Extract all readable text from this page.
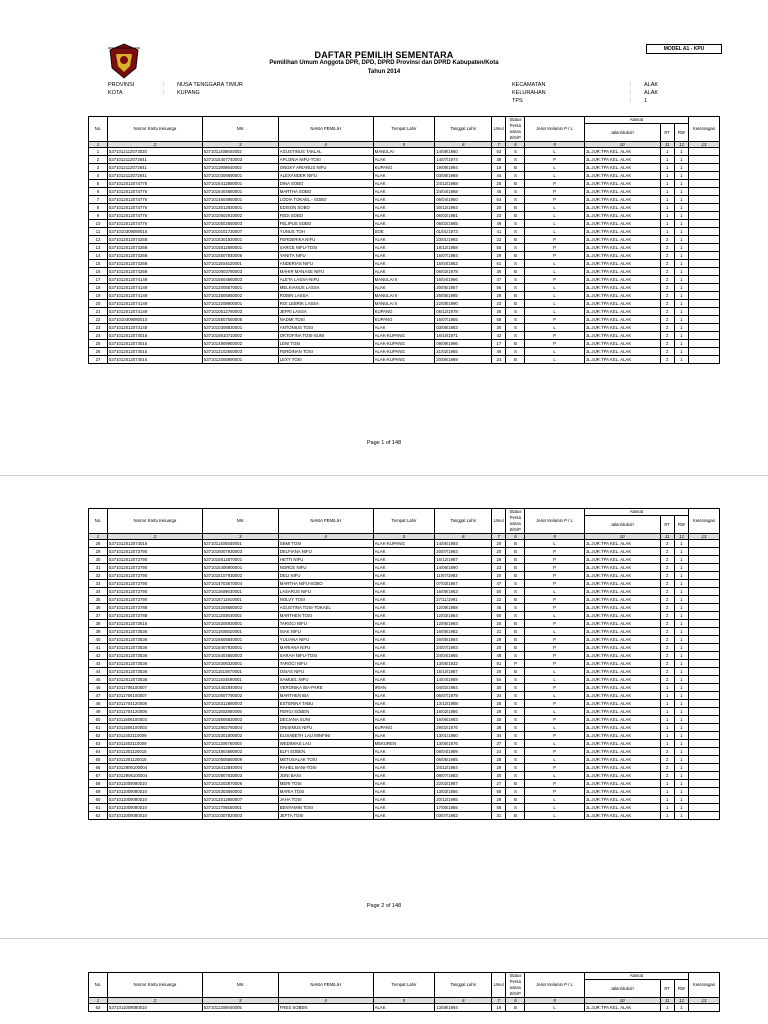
DAFTAR PEMILIH SEMENTARA
Pemilihan Umum Anggota DPR, DPD, DPRD Provinsi dan DPRD Kabupaten/Kota
Tahun 2014
MODEL A1 - KPU
PROVINSI	: NUSA TENGGARA TIMUR
KOTA	: KUPANG
KECAMATAN	: ALAK
KELURAHAN	: ALAK
TPS	: 1
No.	Nomor Kartu Keluarga	NIK	NAMA PEMILIH	Tempat Lahir	Tanggal Lahir	Umur	Status Perka winan B/S/P	Jenis Kelamin P / L	Alamat			Keterangan
									Jalan/dukuh	RT	RW	
1	2	3	4	5	6	7	8	9	10	11	12	13
1	5371012112073020	5371011408600002	AGUSTINUS TAKLAL	MANULAI	14/08/1960	53	S	L	JL.JUR.TPA KEL. ALAK	1	1	
2	5371012112072641	5371015407740003	APLONIA NIFU-TOSI	ALAK	14/07/1974	39	S	P	JL.JUR.TPA KEL. ALAK	1	1	
3	5371012112072641	5371011909940002	ONGKY ARIANUS NIFU	KUPANG	19/09/1994	19	B	L	JL.JUR.TPA KEL. ALAK	1	1	
4	5371012112072641	5371010308690001	ALEXANDER NIFU	ALAK	03/08/1969	44	S	L	JL.JUR.TPA KEL. ALAK	1	1	
5	5371012012074776	5371016412880001	DINA SOBO	ALAK	24/12/1988	25	B	P	JL.JUR.TPA KEL. ALAK	1	1	
6	5371012012074776	5371016404680001	MARTHA SOBO	ALAK	24/04/1968	45	S	P	JL.JUR.TPA KEL. ALAK	1	1	
7	5371012012074776	5371014604950001	LODIA TOKAEL - SOBO	ALAK	06/04/1950	64	S	P	JL.JUR.TPA KEL. ALAK	1	1	
8	5371012012074776	5371013012930001	EDISON SOBO	ALAK	30/12/1993	20	B	L	JL.JUR.TPA KEL. ALAK	1	1	
9	5371012012074776	5371010602910002	FEDI SOBO	ALAK	06/02/1991	23	B	L	JL.JUR.TPA KEL. ALAK	1	1	
10	5371012012074776	5371010502650003	FELIPUS SOBO	ALAK	05/02/1965	49	S	L	JL.JUR.TPA KEL. ALAK	1	1	
11	5371010309080015	5371010101730007	YUNUS TOH	SOE	01/01/1973	41	S	L	JL.JUR.TPA KEL. ALAK	1	1	
12	5371012012074258	5371016301920001	FERDERIKA NIFU	ALAK	23/01/1992	22	B	P	JL.JUR.TPA KEL. ALAK	2	1	
13	5371012012074258	5371015812580001	SARCE NIFU-TOSI	ALAK	18/12/1958	55	S	P	JL.JUR.TPA KEL. ALAK	2	1	
14	5371012012074258	5371015507840006	YANITA NIFU	ALAK	15/07/1984	29	B	P	JL.JUR.TPA KEL. ALAK	2	1	
15	5371012012074258	5371011504520001	ANDERIAS NIFU	ALAK	15/04/1952	61	S	L	JL.JUR.TPA KEL. ALAK	2	1	
16	5371012012074258	5371010603780003	MAHIR MANASE NIFU	ALAK	06/03/1978	36	B	L	JL.JUR.TPA KEL. ALAK	2	1	
17	5371012012074149	5371015604660003	ALETA LASSA-NIFU	MANULAI II	16/04/1966	47	S	P	JL.JUR.TPA KEL. ALAK	2	1	
18	5371012012074149	5371012005570001	MELKIANUS LASSA	ALAK	20/05/1957	56	S	L	JL.JUR.TPA KEL. ALAK	2	1	
19	5371012012074149	5371012505850002	ROBIN LASSA	MANULAI II	25/05/1985	28	B	L	JL.JUR.TPA KEL. ALAK	2	1	
20	5371012012074149	5371012208900001	ROI LEBRIK LASSA	MANULAI II	22/08/1990	23	B	L	JL.JUR.TPA KEL. ALAK	2	1	
21	5371012012074149	5371010512780003	JEFRI LASSA	KUPANG	05/12/1978	35	S	L	JL.JUR.TPA KEL. ALAK	2	1	
22	5371010409080010	5371015507550005	NADMI TOSI	KUPANG	15/07/1955	58	S	P	JL.JUR.TPA KEL. ALAK	2	1	
23	5371012012074148	5371010308830001	ANTONIUS TOSI	ALAK	03/08/1983	30	S	L	JL.JUR.TPA KEL. ALAK	2	1	
24	5371012012074016	5371015610710002	OKTOFINA TOSI-SUNI	ALAK-KUPANG	16/10/1971	42	S	P	JL.JUR.TPA KEL. ALAK	2	1	
25	5371012012074016	5371014909960002	LENI TOSI	ALAK-KUPANG	09/09/1996	17	B	P	JL.JUR.TPA KEL. ALAK	2	1	
26	5371012012074016	5371012102650003	FERDINAN TOSI	ALAK-KUPANG	21/02/1965	49	S	L	JL.JUR.TPA KEL. ALAK	2	1	
27	5371012012074016	5371012006890001	LEXY TOSI	ALAK-KUPANG	20/06/1989	24	B	L	JL.JUR.TPA KEL. ALAK	2	1	
Page 1 of 148
No.	Nomor Kartu Keluarga	NIK	NAMA PEMILIH	Tempat Lahir	Tanggal Lahir	Umur	Status Perka winan B/S/P	Jenis Kelamin P / L	Alamat			Keterangan
									Jalan/dukuh	RT	RW	
1	2	3	4	5	6	7	8	9	10	11	12	13
28	5371012012074016	5371011405930001	SEMI TOSI	ALAK-KUPANG	14/05/1993	20	B	L	JL.JUR.TPA KEL. ALAK	2	1	
29	5371012012073790	5371016007930003	DELFIANA NIFU	ALAK	20/07/1993	20	B	P	JL.JUR.TPA KEL. ALAK	2	1	
30	5371012012073790	5371015612870001	HETTI NIFU	ALAK	16/12/1987	26	B	P	JL.JUR.TPA KEL. ALAK	2	1	
31	5371012012073790	5371015406900001	NORCE NIFU	ALAK	14/06/1990	23	B	P	JL.JUR.TPA KEL. ALAK	2	1	
32	5371012012073790	5371015107930002	DELI NIFU	ALAK	11/07/1993	20	B	P	JL.JUR.TPA KEL. ALAK	2	1	
33	5371012012073790	5371014703670004	MARTHA NIFU-SOBO	ALAK	07/03/1967	47	S	P	JL.JUR.TPA KEL. ALAK	2	1	
34	5371012012073790	5371011609630001	LASARUS NIFU	ALAK	16/09/1963	50	S	L	JL.JUR.TPA KEL. ALAK	2	1	
35	5371012012073790	5371016711910001	NOLVY TOSI	ALAK	27/11/1991	22	B	P	JL.JUR.TPA KEL. ALAK	2	1	
36	5371012012073788	5371015208680002	AGUSTINA TOSI-TOKAEL	ALAK	12/08/1968	45	S	P	JL.JUR.TPA KEL. ALAK	2	1	
37	5371012012073788	5371011203640002	MARTHEN TOSI	ALAK	12/03/1964	50	S	L	JL.JUR.TPA KEL. ALAK	2	1	
38	5371012012073615	5371015205930001	TAROCI NIFU	ALAK	12/05/1993	20	B	P	JL.JUR.TPA KEL. ALAK	2	1	
39	5371012012073536	5371011605820001	ISAK NIFU	ALAK	16/05/1982	31	B	L	JL.JUR.TPA KEL. ALAK	2	1	
40	5371012012073536	5371016605840001	YULIANA NIFU	ALAK	26/05/1984	29	B	P	JL.JUR.TPA KEL. ALAK	2	1	
41	5371012012073536	5371016407930001	MARIANA NIFU	ALAK	24/07/1993	20	B	P	JL.JUR.TPA KEL. ALAK	2	1	
42	5371012012073536	5371016404650003	SARAH NIFU-TOSI	ALAK	24/04/1965	48	S	P	JL.JUR.TPA KEL. ALAK	2	1	
43	5371012012073536	5371015306320001	TAROCI NIFU	ALAK	13/06/1932	81	P	P	JL.JUR.TPA KEL. ALAK	2	1	
44	5371012012073536	5371011510870001	OSIAS NIFU	ALAK	15/10/1987	26	B	L	JL.JUR.TPA KEL. ALAK	2	1	
45	5371012012073536	5371011404590001	SAMUEL NIFU	ALAK	14/04/1959	54	S	L	JL.JUR.TPA KEL. ALAK	2	1	
46	5371011706100007	5371014402840004	VERONIKA IBA-PARE	IRIAN	04/02/1984	30	S	P	JL.JUR.TPA KEL. ALAK	1	1	
47	5371011706100007	5371010607790002	MARTHEN IBA	ALAK	06/07/1979	34	S	L	JL.JUR.TPA KEL. ALAK	1	1	
48	5371011704120008	5371015312880003	ESTERINA TABU	ALAK	13/12/1988	25	S	P	JL.JUR.TPA KEL. ALAK	1	1	
49	5371011704120008	5371011602860005	FERGI SOBEN	ALAK	16/02/1986	28	S	L	JL.JUR.TPA KEL. ALAK	1	1	
50	5371011506100003	5371015606830002	DECIANA SUNI	ALAK	16/06/1983	30	S	P	JL.JUR.TPA KEL. ALAK	1	1	
51	5371011506100003	5371012902760004	ONISIMUS NIFU	KUPANG	29/02/1976	38	S	L	JL.JUR.TPA KEL. ALAK	1	1	
52	5371011402110009	5371015301800002	ELISABETH LAU MINFINI	ALAK	13/01/1980	34	S	P	JL.JUR.TPA KEL. ALAK	1	1	
53	5371011402110009	5371011306760003	WEDIMIAS LAU	MEKUREN	13/06/1976	37	S	L	JL.JUR.TPA KEL. ALAK	1	1	
54	5371011301120015	5371014804890002	ELFI SOBEN	ALAK	08/04/1989	24	S	P	JL.JUR.TPA KEL. ALAK	2	1	
55	5371011301120015	5371010505850009	METUSALAK TOSI	ALAK	05/05/1985	28	S	L	JL.JUR.TPA KEL. ALAK	2	1	
56	5371012906100004	5371016412840004	RAHEL BANI-TOSI	ALAK	24/12/1984	29	S	P	JL.JUR.TPA KEL. ALAK	2	1	
57	5371012906100004	5371010807830003	JONI BANI	ALAK	08/07/1983	30	S	L	JL.JUR.TPA KEL. ALAK	2	1	
58	5371011009080010	5371012202870006	MERI TOSI	ALAK	22/02/1987	27	B	P	JL.JUR.TPA KEL. ALAK	1	1	
59	5371011009080010	5371015303560002	MARIA TOSI	ALAK	13/03/1956	58	S	P	JL.JUR.TPA KEL. ALAK	1	1	
60	5371011009080010	5371012012850007	JAHA TOSI	ALAK	20/12/1985	28	B	L	JL.JUR.TPA KEL. ALAK	1	1	
61	5371011009080010	5371011706550001	BENYAMIN TOSI	ALAK	17/06/1955	58	S	L	JL.JUR.TPA KEL. ALAK	1	1	
62	5371011009080010	5371010307820003	JEFTA TOSI	ALAK	03/07/1982	31	B	L	JL.JUR.TPA KEL. ALAK	1	1	
Page 2 of 148
No.	Nomor Kartu Keluarga	NIK	NAMA PEMILIH	Tempat Lahir	Tanggal Lahir	Umur	Status Perka winan B/S/P	Jenis Kelamin P / L	Alamat			Keterangan
									Jalan/dukuh	RT	RW	
1	2	3	4	5	6	7	8	9	10	11	12	13
63	5371011009080010	5371011308940005	FRES SOBEN	ALAK	13/08/1994	19	B	L	JL.JUR.TPA KEL. ALAK	1	1	
